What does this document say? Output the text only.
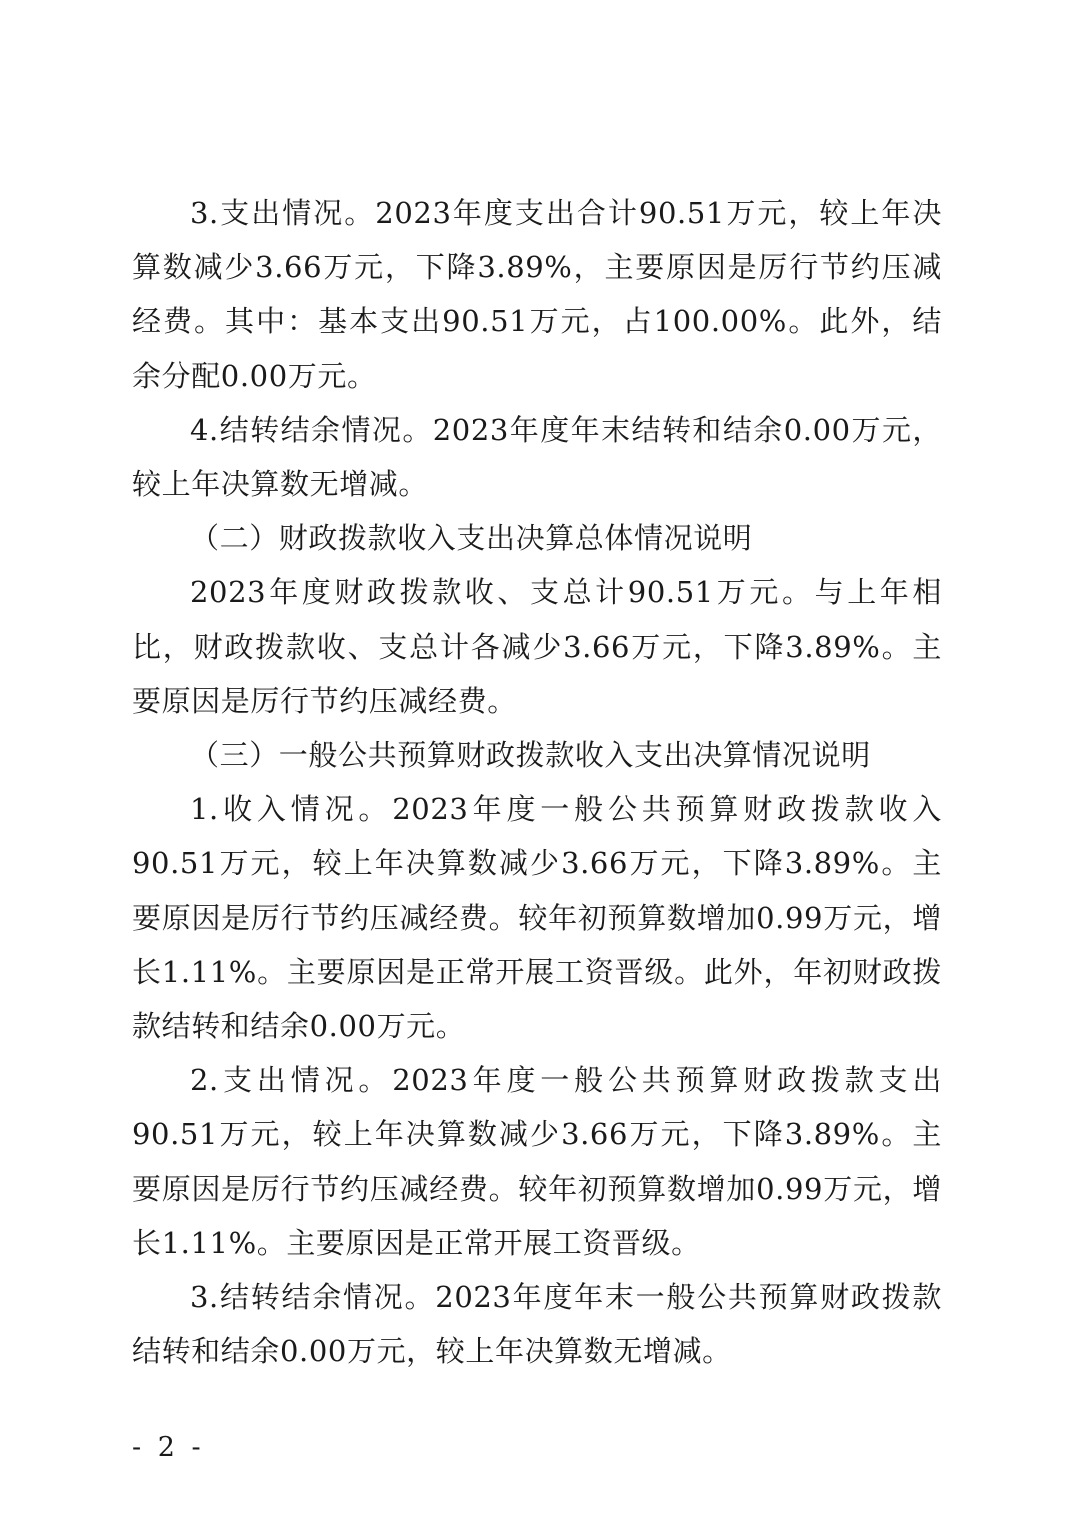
3.支出情况。2023年度支出合计90.51万元，较上年决算数减少3.66万元，下降3.89%，主要原因是厉行节约压减经费。其中：基本支出90.51万元，占100.00%。此外，结余分配0.00万元。

4.结转结余情况。2023年度年末结转和结余0.00万元，较上年决算数无增减。

（二）财政拨款收入支出决算总体情况说明

2023年度财政拨款收、支总计90.51万元。与上年相比，财政拨款收、支总计各减少3.66万元，下降3.89%。主要原因是厉行节约压减经费。

（三）一般公共预算财政拨款收入支出决算情况说明

1.收入情况。2023年度一般公共预算财政拨款收入90.51万元，较上年决算数减少3.66万元，下降3.89%。主要原因是厉行节约压减经费。较年初预算数增加0.99万元，增长1.11%。主要原因是正常开展工资晋级。此外，年初财政拨款结转和结余0.00万元。

2.支出情况。2023年度一般公共预算财政拨款支出90.51万元，较上年决算数减少3.66万元，下降3.89%。主要原因是厉行节约压减经费。较年初预算数增加0.99万元，增长1.11%。主要原因是正常开展工资晋级。

3.结转结余情况。2023年度年末一般公共预算财政拨款结转和结余0.00万元，较上年决算数无增减。

- 2 -
